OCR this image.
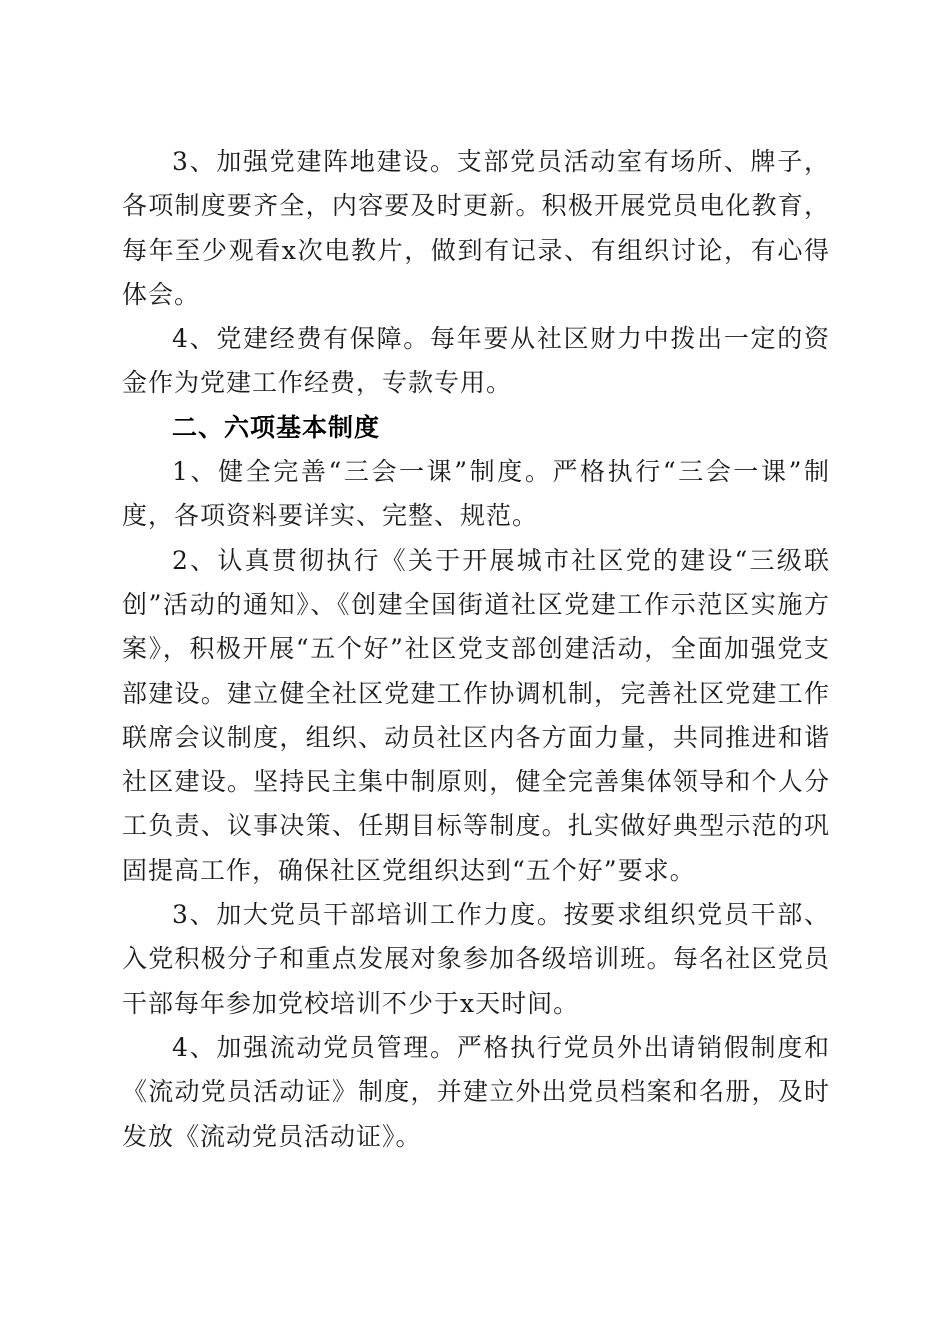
3、加强党建阵地建设。支部党员活动室有场所、牌子，各项制度要齐全，内容要及时更新。积极开展党员电化教育，每年至少观看x次电教片，做到有记录、有组织讨论，有心得体会。

4、党建经费有保障。每年要从社区财力中拨出一定的资金作为党建工作经费，专款专用。

二、六项基本制度

1、健全完善“三会一课”制度。严格执行“三会一课”制度，各项资料要详实、完整、规范。

2、认真贯彻执行《关于开展城市社区党的建设“三级联创”活动的通知》、《创建全国街道社区党建工作示范区实施方案》，积极开展“五个好”社区党支部创建活动，全面加强党支部建设。建立健全社区党建工作协调机制，完善社区党建工作联席会议制度，组织、动员社区内各方面力量，共同推进和谐社区建设。坚持民主集中制原则，健全完善集体领导和个人分工负责、议事决策、任期目标等制度。扎实做好典型示范的巩固提高工作，确保社区党组织达到“五个好”要求。

3、加大党员干部培训工作力度。按要求组织党员干部、入党积极分子和重点发展对象参加各级培训班。每名社区党员干部每年参加党校培训不少于x天时间。

4、加强流动党员管理。严格执行党员外出请销假制度和《流动党员活动证》制度，并建立外出党员档案和名册，及时发放《流动党员活动证》。
